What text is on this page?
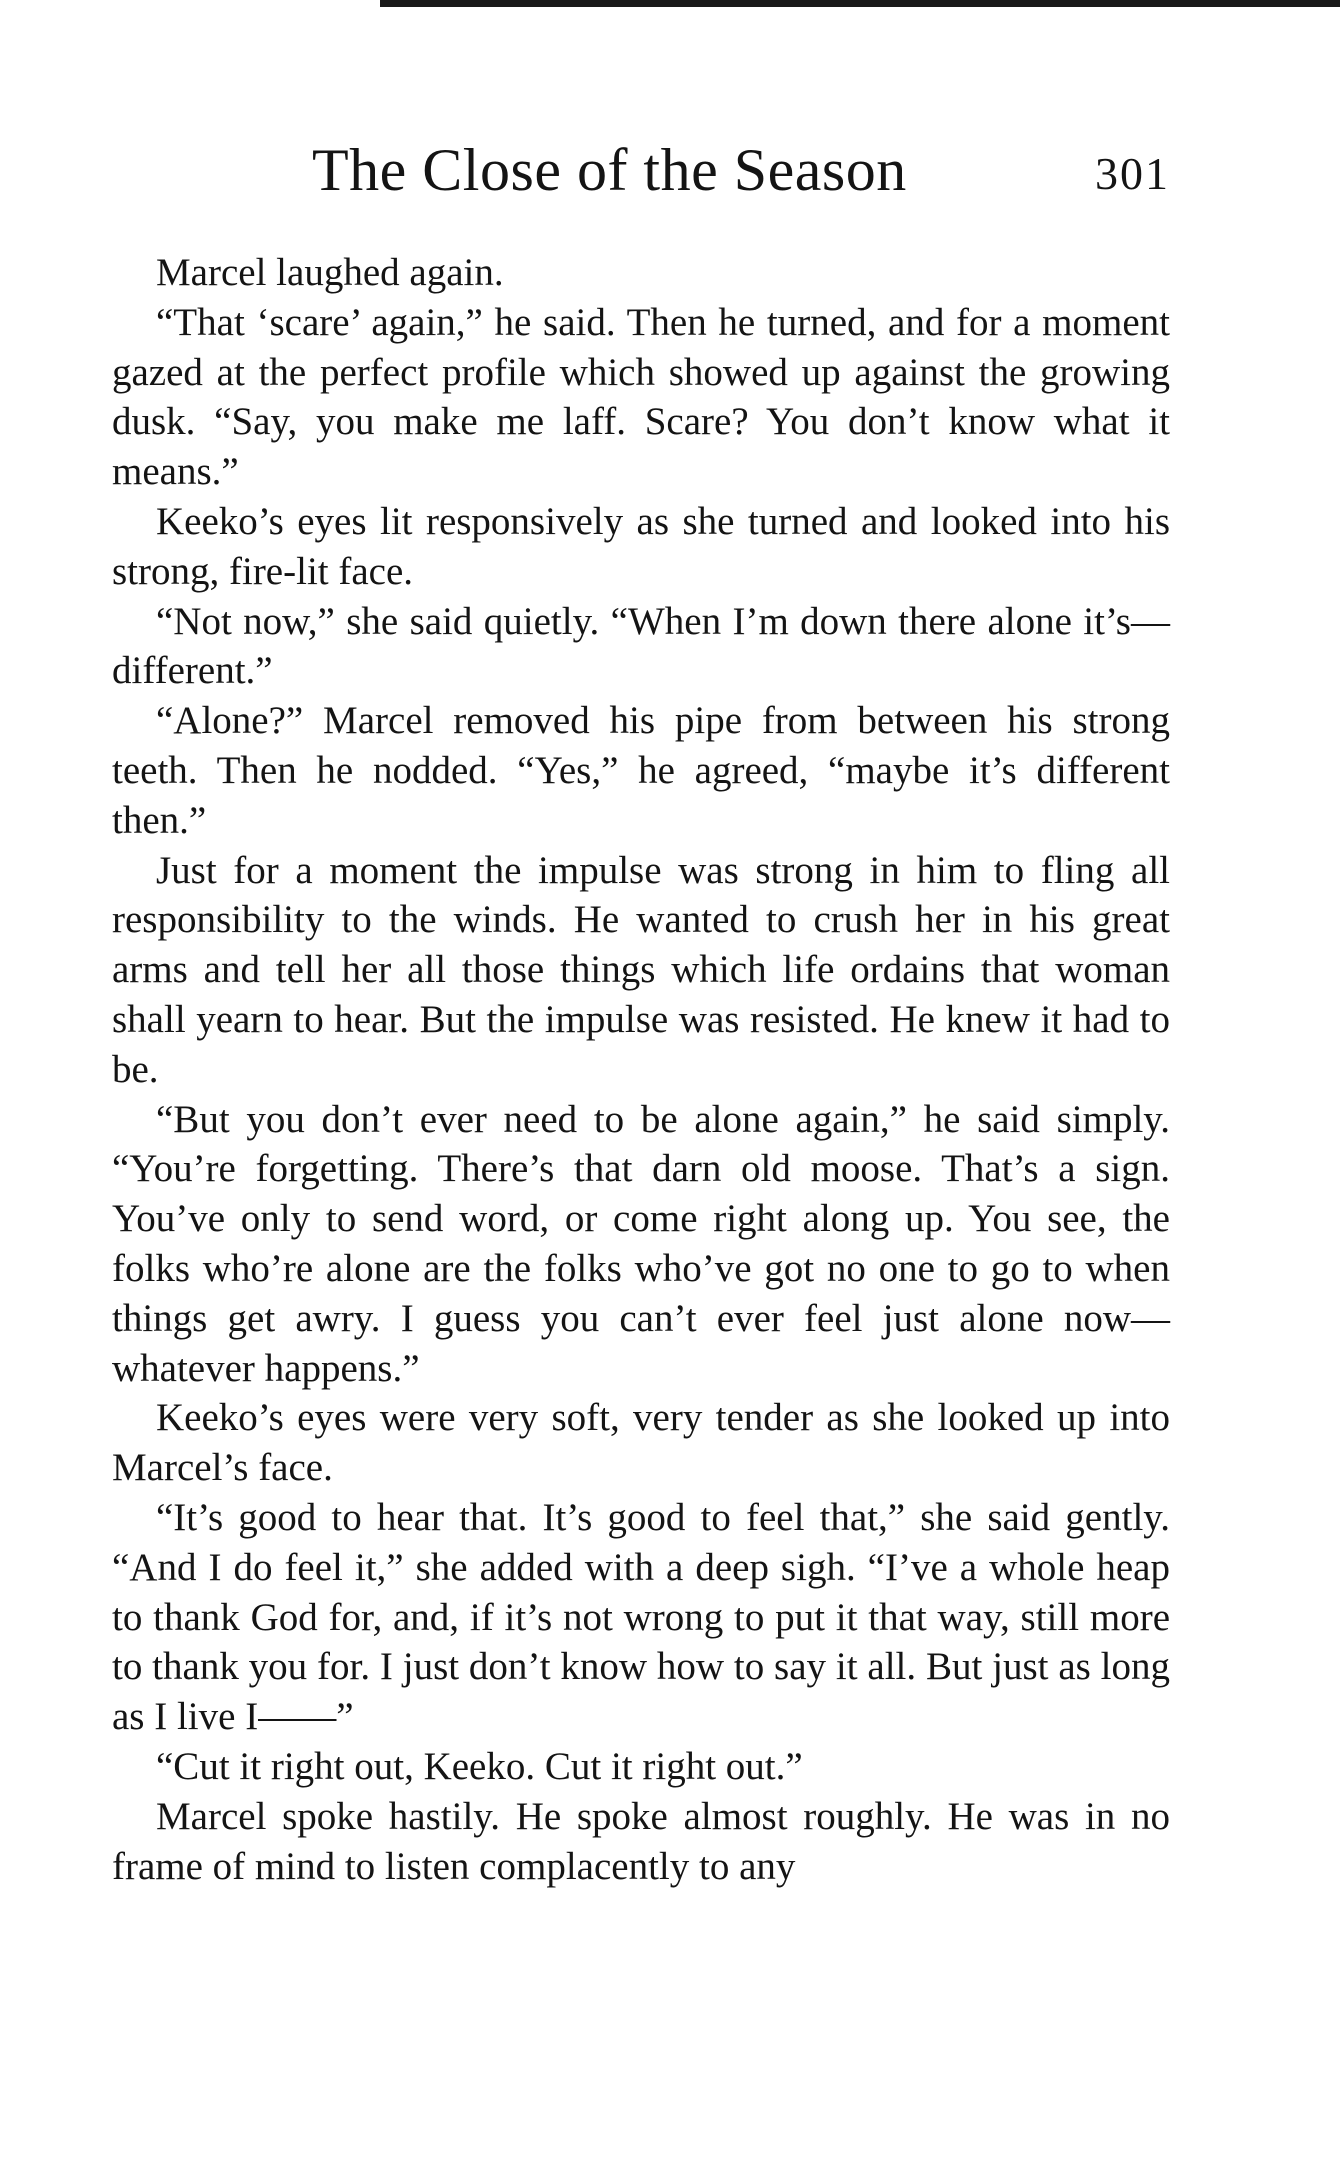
The Close of the Season	301

Marcel laughed again.

“That ‘scare’ again,” he said. Then he turned, and for a moment gazed at the perfect profile which showed up against the growing dusk. “Say, you make me laff. Scare? You don’t know what it means.”

Keeko’s eyes lit responsively as she turned and looked into his strong, fire-lit face.

“Not now,” she said quietly. “When I’m down there alone it’s—different.”

“Alone?” Marcel removed his pipe from between his strong teeth. Then he nodded. “Yes,” he agreed, “maybe it’s different then.”

Just for a moment the impulse was strong in him to fling all responsibility to the winds. He wanted to crush her in his great arms and tell her all those things which life ordains that woman shall yearn to hear. But the impulse was resisted. He knew it had to be.

“But you don’t ever need to be alone again,” he said simply. “You’re forgetting. There’s that darn old moose. That’s a sign. You’ve only to send word, or come right along up. You see, the folks who’re alone are the folks who’ve got no one to go to when things get awry. I guess you can’t ever feel just alone now—whatever happens.”

Keeko’s eyes were very soft, very tender as she looked up into Marcel’s face.

“It’s good to hear that. It’s good to feel that,” she said gently. “And I do feel it,” she added with a deep sigh. “I’ve a whole heap to thank God for, and, if it’s not wrong to put it that way, still more to thank you for. I just don’t know how to say it all. But just as long as I live I——”

“Cut it right out, Keeko. Cut it right out.”

Marcel spoke hastily. He spoke almost roughly. He was in no frame of mind to listen complacently to any
